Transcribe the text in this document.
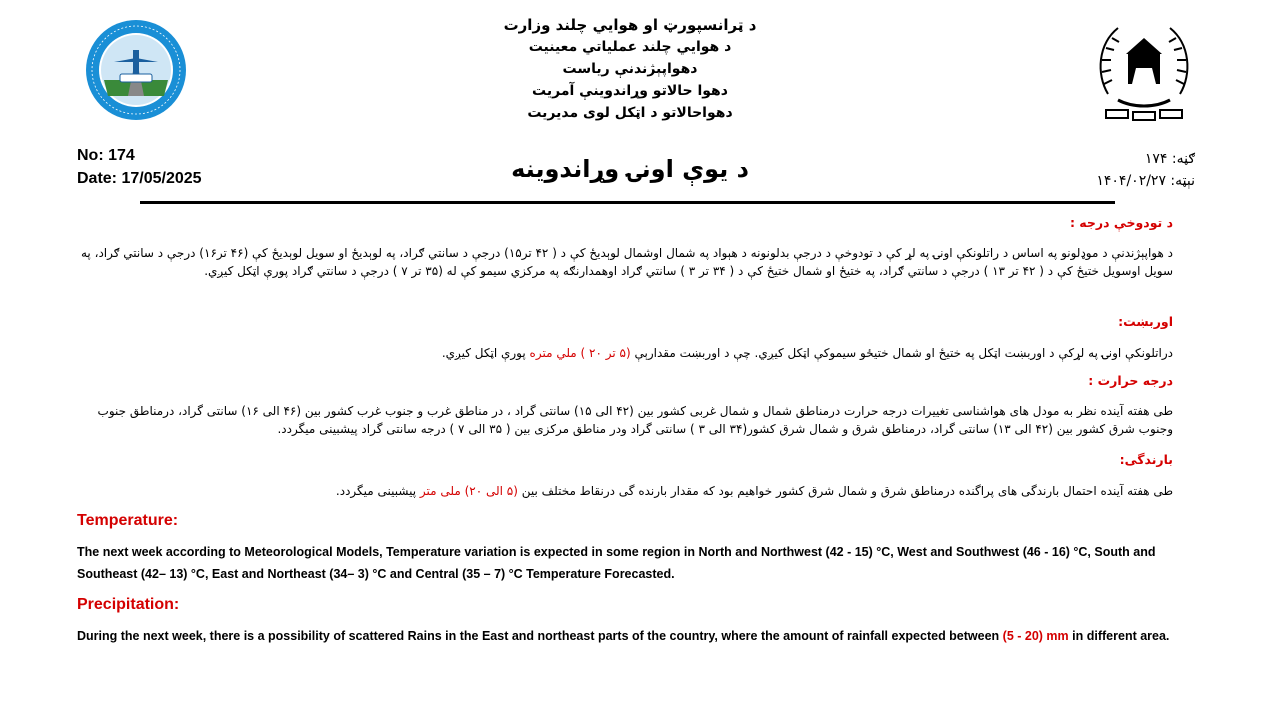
د ټرانسپورټ او هوايي چلند وزارت
د هوايي چلند عملياتي معينيت
دهواپېژندنې رياست
دهوا حالاتو وړاندوينې آمريت
دهواحالاتو د اټکل لوی مديريت
No: 174
Date: 17/05/2025	د يوې اونۍ وړاندوينه	ګڼه: ۱۷۴
نېټه: ۱۴۰۴/۰۲/۲۷
د تودوخې درجه :
د هواپېژندنې د موډلونو په اساس د راتلونکې اونۍ په لړ کې د تودوخې د درجې بدلونونه د هېواد په شمال اوشمال لوېديځ کې د ( ۴۲ تر۱۵) درجې د سانتي ګراد، په لوېديځ او سويل لوېديځ کې (۴۶ تر۱۶) درجې د سانتي ګراد، په سويل اوسويل ختيځ کې د ( ۴۲ تر ۱۳ ) درجې د سانتي ګراد، په ختيځ او شمال ختيځ کې د ( ۳۴ تر ۳ ) سانتي ګراد اوهمدارنګه په مرکزي سيمو کې له (۳۵ تر ۷ ) درجې د سانتي ګراد پورې اټکل کيږي.
اوربښت:
دراتلونکې اونۍ په لړکې د اوربښت اټکل په ختيځ او شمال ختيځو سيموکې اټکل کيږي. چې د اوربښت مقدارېې (۵ تر ۲۰ ) ملي متره پورې اټکل کيږي.
درجه حرارت :
طی هفته آینده نظر به مودل های هواشناسی تغییرات درجه حرارت درمناطق شمال و شمال غربی کشور بین (۴۲ الی ۱۵) سانتی گراد ، در مناطق غرب و جنوب غرب کشور بین (۴۶ الی ۱۶) سانتی گراد، درمناطق جنوب وجنوب شرق کشور بین (۴۲ الی ۱۳) سانتی گراد، درمناطق شرق و شمال شرق کشور(۳۴ الی ۳ ) سانتی گراد ودر مناطق مرکزی بین ( ۳۵ الی ۷ ) درجه سانتی گراد پیشبینی میگردد.
بارندگی:
طی هفته آینده احتمال بارندگی های پراگنده درمناطق شرق و شمال شرق کشور خواهیم بود که مقدار بارنده گی درنقاط مختلف بین (۵ الی ۲۰) ملی متر پیشبینی میگردد.
Temperature:
The next week according to Meteorological Models, Temperature variation is expected in some region in North and Northwest (42 - 15) °C, West and Southwest (46 - 16) °C, South and Southeast (42– 13) °C, East and Northeast (34– 3) °C and Central (35 – 7) °C Temperature Forecasted.
Precipitation:
During the next week, there is a possibility of scattered Rains in the East and northeast parts of the country, where the amount of rainfall expected between (5 - 20) mm in different area.
